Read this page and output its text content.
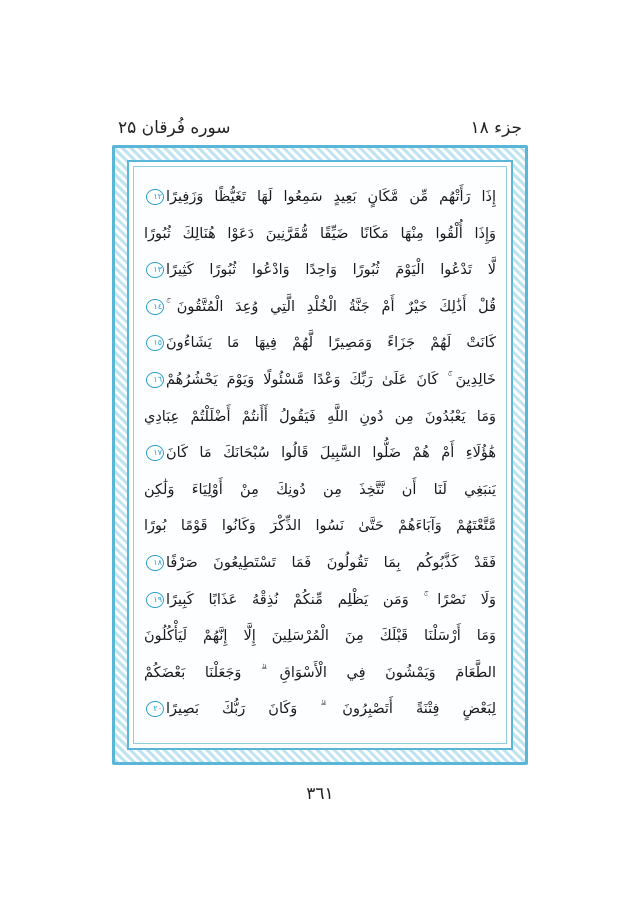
جزء ۱۸
سوره فُرقان ۲۵
إِذَا رَأَتْهُم مِّن مَّكَانٍ بَعِيدٍ سَمِعُوا لَهَا تَغَيُّظًا وَزَفِيرًا١٢
وَإِذَا أُلْقُوا مِنْهَا مَكَانًا ضَيِّقًا مُّقَرَّنِينَ دَعَوْا هُنَالِكَ ثُبُورًا
لَّا تَدْعُوا الْيَوْمَ ثُبُورًا وَاحِدًا وَادْعُوا ثُبُورًا كَثِيرًا١٣
قُلْ أَذَٰلِكَ خَيْرٌ أَمْ جَنَّةُ الْخُلْدِ الَّتِي وُعِدَ الْمُتَّقُونَ ۚ١٤
كَانَتْ لَهُمْ جَزَاءً وَمَصِيرًا لَّهُمْ فِيهَا مَا يَشَاءُونَ١٥
خَالِدِينَ ۚ كَانَ عَلَىٰ رَبِّكَ وَعْدًا مَّسْئُولًا وَيَوْمَ يَحْشُرُهُمْ١٦
وَمَا يَعْبُدُونَ مِن دُونِ اللَّهِ فَيَقُولُ أَأَنتُمْ أَضْلَلْتُمْ عِبَادِي
هَٰؤُلَاءِ أَمْ هُمْ ضَلُّوا السَّبِيلَ قَالُوا سُبْحَانَكَ مَا كَانَ١٧
يَنبَغِي لَنَا أَن نَّتَّخِذَ مِن دُونِكَ مِنْ أَوْلِيَاءَ وَلَٰكِن
مَّتَّعْتَهُمْ وَآبَاءَهُمْ حَتَّىٰ نَسُوا الذِّكْرَ وَكَانُوا قَوْمًا بُورًا
فَقَدْ كَذَّبُوكُم بِمَا تَقُولُونَ فَمَا تَسْتَطِيعُونَ صَرْفًا١٨
وَلَا نَصْرًا ۚ وَمَن يَظْلِم مِّنكُمْ نُذِقْهُ عَذَابًا كَبِيرًا١٩
وَمَا أَرْسَلْنَا قَبْلَكَ مِنَ الْمُرْسَلِينَ إِلَّا إِنَّهُمْ لَيَأْكُلُونَ
الطَّعَامَ وَيَمْشُونَ فِي الْأَسْوَاقِ ۗ وَجَعَلْنَا بَعْضَكُمْ
لِبَعْضٍ فِتْنَةً أَتَصْبِرُونَ ۗ وَكَانَ رَبُّكَ بَصِيرًا٢٠
۳٦۱
